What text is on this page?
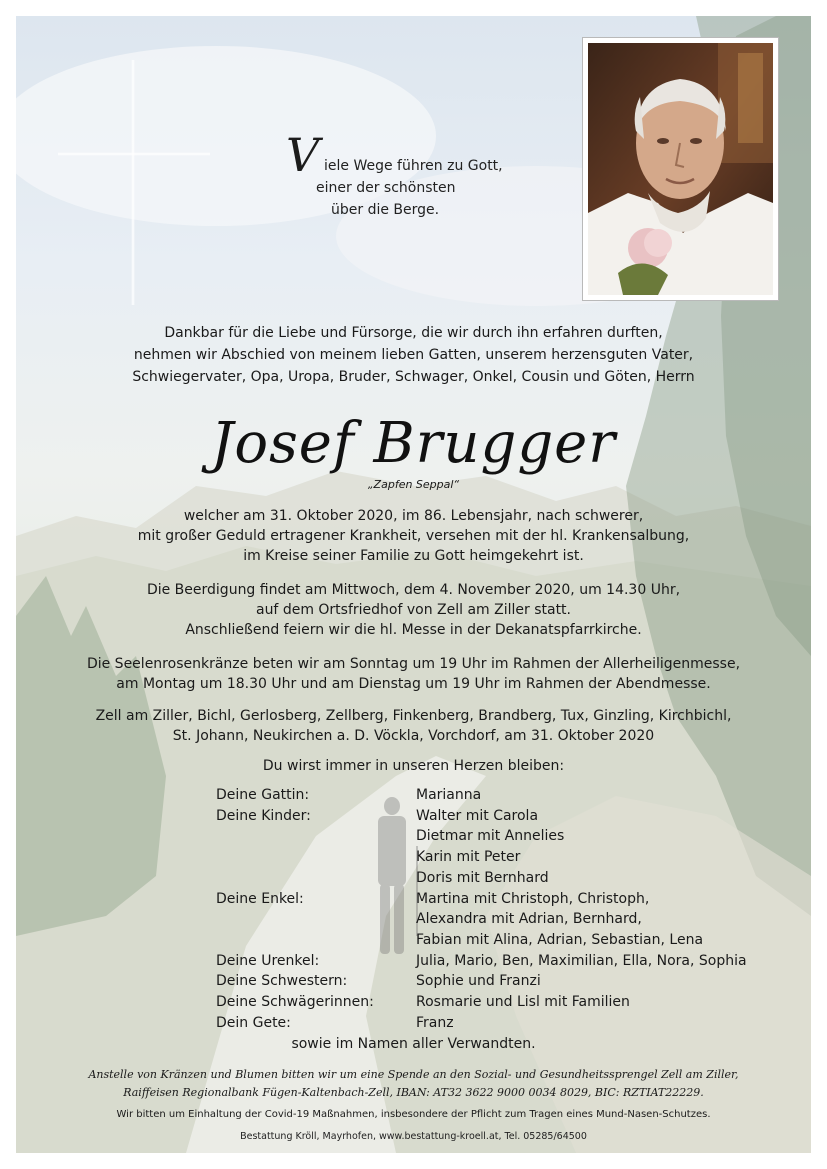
V iele Wege führen zu Gott,
einer der schönsten
über die Berge.
Dankbar für die Liebe und Fürsorge, die wir durch ihn erfahren durften,
nehmen wir Abschied von meinem lieben Gatten, unserem herzensguten Vater,
Schwiegervater, Opa, Uropa, Bruder, Schwager, Onkel, Cousin und Göten, Herrn
Josef Brugger
„Zapfen Seppal“
welcher am 31. Oktober 2020, im 86. Lebensjahr, nach schwerer,
mit großer Geduld ertragener Krankheit, versehen mit der hl. Krankensalbung,
im Kreise seiner Familie zu Gott heimgekehrt ist.
Die Beerdigung findet am Mittwoch, dem 4. November 2020, um 14.30 Uhr,
auf dem Ortsfriedhof von Zell am Ziller statt.
Anschließend feiern wir die hl. Messe in der Dekanatspfarrkirche.
Die Seelenrosenkränze beten wir am Sonntag um 19 Uhr im Rahmen der Allerheiligenmesse,
am Montag um 18.30 Uhr und am Dienstag um 19 Uhr im Rahmen der Abendmesse.
Zell am Ziller, Bichl, Gerlosberg, Zellberg, Finkenberg, Brandberg, Tux, Ginzling, Kirchbichl,
St. Johann, Neukirchen a. D. Vöckla, Vorchdorf, am 31. Oktober 2020
Du wirst immer in unseren Herzen bleiben:
Deine Gattin:	Marianna
Deine Kinder:	Walter mit Carola
Dietmar mit Annelies
Karin mit Peter
Doris mit Bernhard
Deine Enkel:	Martina mit Christoph, Christoph,
Alexandra mit Adrian, Bernhard,
Fabian mit Alina, Adrian, Sebastian, Lena
Deine Urenkel:	Julia, Mario, Ben, Maximilian, Ella, Nora, Sophia
Deine Schwestern:	Sophie und Franzi
Deine Schwägerinnen:	Rosmarie und Lisl mit Familien
Dein Gete:	Franz
sowie im Namen aller Verwandten.
Anstelle von Kränzen und Blumen bitten wir um eine Spende an den Sozial- und Gesundheitssprengel Zell am Ziller,
Raiffeisen Regionalbank Fügen-Kaltenbach-Zell, IBAN: AT32 3622 9000 0034 8029, BIC: RZTIAT22229.
Wir bitten um Einhaltung der Covid-19 Maßnahmen, insbesondere der Pflicht zum Tragen eines Mund-Nasen-Schutzes.
Bestattung Kröll, Mayrhofen, www.bestattung-kroell.at, Tel. 05285/64500
